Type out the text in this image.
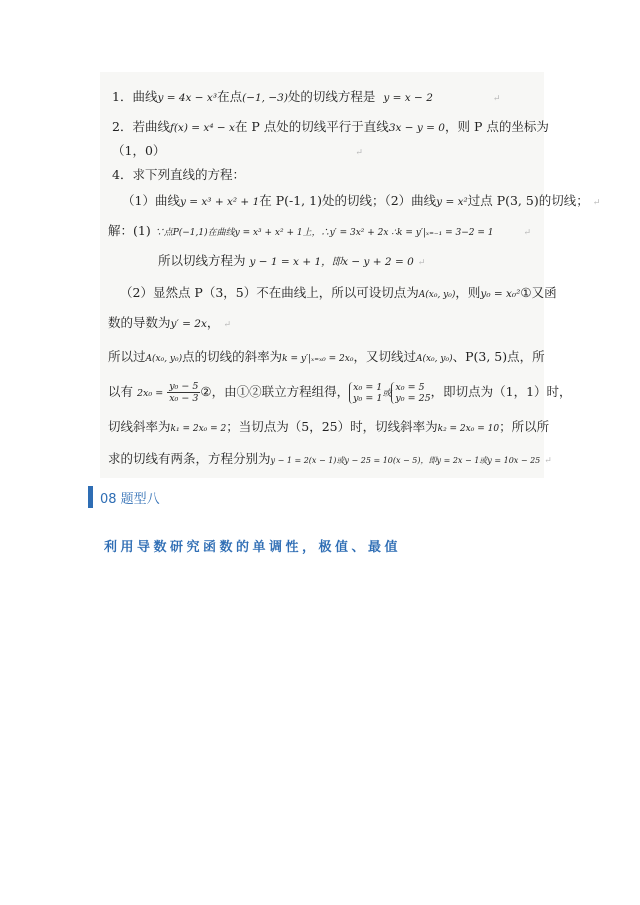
1．曲线y = 4x − x³在点(−1, −3)处的切线方程是 y = x − 2	↵
2．若曲线f(x) = x⁴ − x在 P 点处的切线平行于直线3x − y = 0，则 P 点的坐标为
（1，0）	↵
4．求下列直线的方程：
（1）曲线y = x³ + x² + 1在 P(-1, 1)处的切线；（2）曲线y = x²过点 P(3, 5)的切线； ↵
解：(1) ∵点P(−1,1)在曲线y = x³ + x² + 1上，∴y′ = 3x² + 2x ∴k = y′|ₓ₌₋₁ = 3−2 = 1	↵
所以切线方程为 y − 1 = x + 1，即x − y + 2 = 0 ↵
（2）显然点 P（3，5）不在曲线上，所以可设切点为A(x₀, y₀)，则y₀ = x₀²①又函
数的导数为y′ = 2x， ↵
所以过A(x₀, y₀)点的切线的斜率为k = y′|ₓ₌ₓ₀ = 2x₀，又切线过A(x₀, y₀)、P(3, 5)点，所
以有 $2x_0 = \frac{\text{y₀ − 5}}{\text{x₀ − 3}}$ ②，由①②联立方程组得， x₀ = 1
y₀ = 1 或
x₀ = 5
y₀ = 25 ，即切点为（1，1）时，
切线斜率为k₁ = 2x₀ = 2；当切点为（5，25）时，切线斜率为k₂ = 2x₀ = 10；所以所
求的切线有两条，方程分别为y − 1 = 2(x − 1)或y − 25 = 10(x − 5)，即y = 2x − 1或y = 10x − 25 ↵
08 题型八
利用导数研究函数的单调性，极值、最值
